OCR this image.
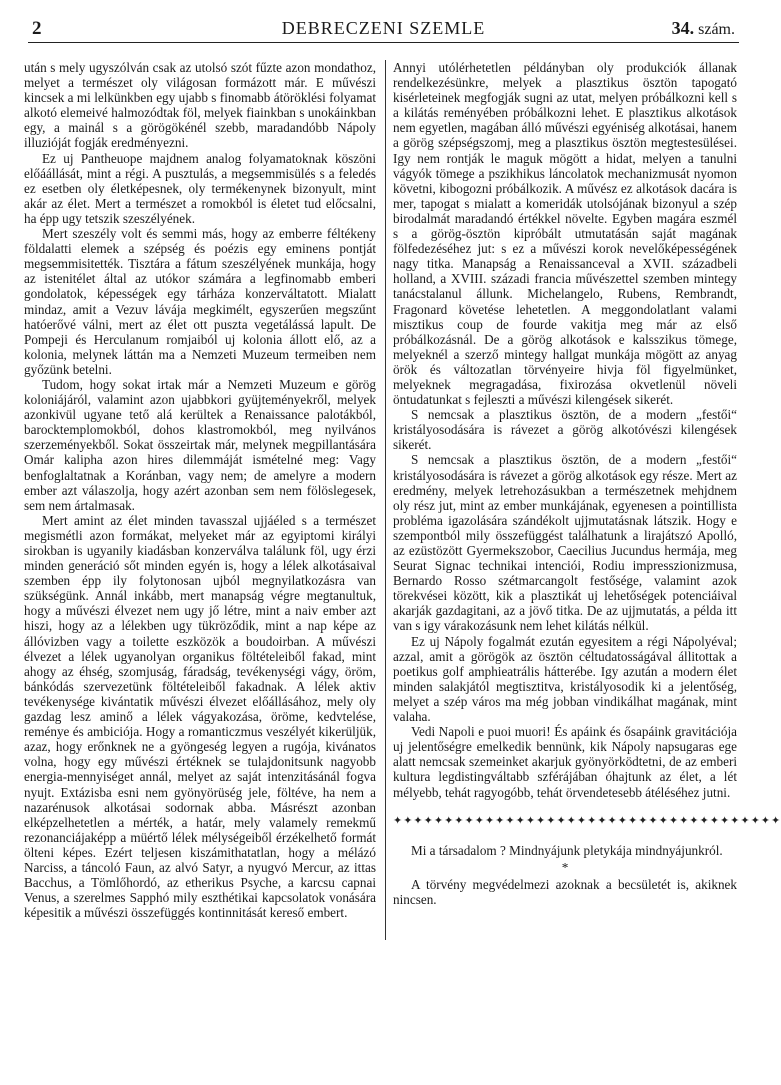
2	DEBRECZENI SZEMLE	34. szám.

után s mely ugyszólván csak az utolsó szót fűzte azon mondathoz, melyet a természet oly világosan formázott már. E művészi kincsek a mi lelkünkben egy ujabb s finomabb átöröklési folyamat alkotó elemeivé halmozódtak föl, melyek fiainkban s unokáinkban egy, a mainál s a görögökénél szebb, maradandóbb Nápoly illuzióját fogják eredményezni.

Ez uj Pantheuope majdnem analog folyamatoknak köszöni előáállását, mint a régi. A pusztulás, a megsemmisülés s a feledés ez esetben oly életképesnek, oly termékenynek bizonyult, mint akár az élet. Mert a természet a romokból is életet tud előcsalni, ha épp ugy tetszik szeszélyének.

Mert szeszély volt és semmi más, hogy az emberre féltékeny földalatti elemek a szépség és poézis egy eminens pontját megsemmisitették. Tisztára a fátum szeszélyének munkája, hogy az istenitélet által az utókor számára a legfinomabb emberi gondolatok, képességek egy tárháza konzerváltatott. Mialatt mindaz, amit a Vezuv lávája megkimélt, egyszerűen megszűnt hatóerővé válni, mert az élet ott puszta vegetálássá lapult. De Pompeji és Herculanum romjaiból uj kolonia állott elő, az a kolonia, melynek láttán ma a Nemzeti Muzeum termeiben nem győzünk betelni.

Tudom, hogy sokat irtak már a Nemzeti Muzeum e görög koloniájáról, valamint azon ujabbkori gyüjteményekről, melyek azonkivül ugyane tető alá kerültek a Renaissance palotákból, barocktemplomokból, dohos klastromokból, meg nyilvános szerzeményekből. Sokat összeirtak már, melynek megpillantására Omár kalipha azon hires dilemmáját ismételné meg: Vagy benfoglaltatnak a Koránban, vagy nem; de amelyre a modern ember azt válaszolja, hogy azért azonban sem nem fölöslegesek, sem nem ártalmasak.

Mert amint az élet minden tavasszal ujjáéled s a természet megismétli azon formákat, melyeket már az egyiptomi királyi sirokban is ugyanily kiadásban konzerválva találunk föl, ugy érzi minden generáció sőt minden egyén is, hogy a lélek alkotásaival szemben épp ily folytonosan ujból megnyilatkozásra van szükségünk. Annál inkább, mert manapság végre megtanultuk, hogy a művészi élvezet nem ugy jő létre, mint a naiv ember azt hiszi, hogy az a lélekben ugy tükröződik, mint a nap képe az állóvizben vagy a toilette eszközök a boudoirban. A művészi élvezet a lélek ugyanolyan organikus föltételeiből fakad, mint ahogy az éhség, szomjuság, fáradság, tevékenységi vágy, öröm, bánkódás szervezetünk föltételeiből fakadnak. A lélek aktiv tevékenysége kivántatik művészi élvezet előállásához, mely oly gazdag lesz aminő a lélek vágyakozása, öröme, kedvtelése, reménye és ambiciója. Hogy a romanticzmus veszélyét kikerüljük, azaz, hogy erőnknek ne a gyöngeség legyen a rugója, kivánatos volna, hogy egy művészi értéknek se tulajdonitsunk nagyobb energia-mennyiséget annál, melyet az saját intenzitásánál fogva nyujt. Extázisba esni nem gyönyörüség jele, föltéve, ha nem a nazarénusok alkotásai sodornak abba. Másrészt azonban elképzelhetetlen a mérték, a határ, mely valamely remekmű rezonanciájaképp a müértő lélek mélységeiből érzékelhető formát ölteni képes. Ezért teljesen kiszámithatatlan, hogy a mélázó Narciss, a táncoló Faun, az alvó Satyr, a nyugvó Mercur, az ittas Bacchus, a Tömlőhordó, az etherikus Psyche, a karcsu capnai Venus, a szerelmes Sapphó mily eszthétikai kapcsolatok vonására képesitik a művészi összefüggés kontinnitását kereső embert.

Annyi utólérhetetlen példányban oly produkciók állanak rendelkezésünkre, melyek a plasztikus ösztön tapogató kisérleteinek megfogják sugni az utat, melyen próbálkozni kell s a kilátás reményében próbálkozni lehet. E plasztikus alkotások nem egyetlen, magában álló művészi egyéniség alkotásai, hanem a görög szépségszomj, meg a plasztikus ösztön megtestesülései. Igy nem rontják le maguk mögött a hidat, melyen a tanulni vágyók tömege a pszikhikus láncolatok mechanizmusát nyomon követni, kibogozni próbálkozik. A művész ez alkotások dacára is mer, tapogat s mialatt a komeridák utolsójának bizonyul a szép birodalmát maradandó értékkel növelte. Egyben magára eszmél s a görög-ösztön kipróbált utmutatásán saját magának fölfedezéséhez jut: s ez a művészi korok nevelőképességének nagy titka. Manapság a Renaissanceval a XVII. századbeli holland, a XVIII. századi francia művészettel szemben mintegy tanácstalanul állunk. Michelangelo, Rubens, Rembrandt, Fragonard követése lehetetlen. A meggondolatlant valami misztikus coup de fourde vakitja meg már az első próbálkozásnál. De a görög alkotások e kalsszikus tömege, melyeknél a szerző mintegy hallgat munkája mögött az anyag örök és változatlan törvényeire hivja föl figyelmünket, melyeknek megragadása, fixirozása okvetlenül növeli öntudatunkat s fejleszti a művészi kilengések sikerét.

S nemcsak a plasztikus ösztön, de a modern „festői“ kristályosodására is rávezet a görög alkotóvészi kilengések sikerét.

S nemcsak a plasztikus ösztön, de a modern „festői“ kristályosodására is rávezet a görög alkotások egy része. Mert az eredmény, melyek letrehozásukban a természetnek mehjdnem oly rész jut, mint az ember munkájának, egyenesen a pointillista probléma igazolására szándékolt ujjmutatásnak látszik. Hogy e szempontból mily összefüggést találhatunk a lirajátszó Apolló, az ezüstözött Gyermekszobor, Caecilius Jucundus hermája, meg Seurat Signac technikai intenciói, Rodiu impresszionizmusa, Bernardo Rosso szétmarcangolt festősége, valamint azok törekvései között, kik a plasztikát uj lehetőségek potenciáival akarják gazdagitani, az a jövő titka. De az ujjmutatás, a példa itt van s igy várakozásunk nem lehet kilátás nélkül.

Ez uj Nápoly fogalmát ezután egyesitem a régi Nápolyéval; azzal, amit a görögök az ösztön céltudatosságával állitottak a poetikus golf amphieatrális hátterébe. Igy azután a modern élet minden salakjától megtisztitva, kristályosodik ki a jelentőség, melyet a szép város ma még jobban vindikálhat magának, mint valaha.

Vedi Napoli e puoi muori! És apáink és ősapáink gravitációja uj jelentőségre emelkedik bennünk, kik Nápoly napsugaras ege alatt nemcsak szemeinket akarjuk gyönyörködtetni, de az emberi kultura legdistingváltabb szférájában óhajtunk az élet, a lét mélyebb, tehát ragyogóbb, tehát örvendetesebb átéléséhez jutni.

✦✦✦✦✦✦✦✦✦✦✦✦✦✦✦✦✦✦✦✦✦✦✦✦✦✦✦✦✦✦✦✦✦✦✦✦✦✦

Mi a társadalom ? Mindnyájunk pletykája mindnyájunkról.

*

A törvény megvédelmezi azoknak a becsületét is, akiknek nincsen.
